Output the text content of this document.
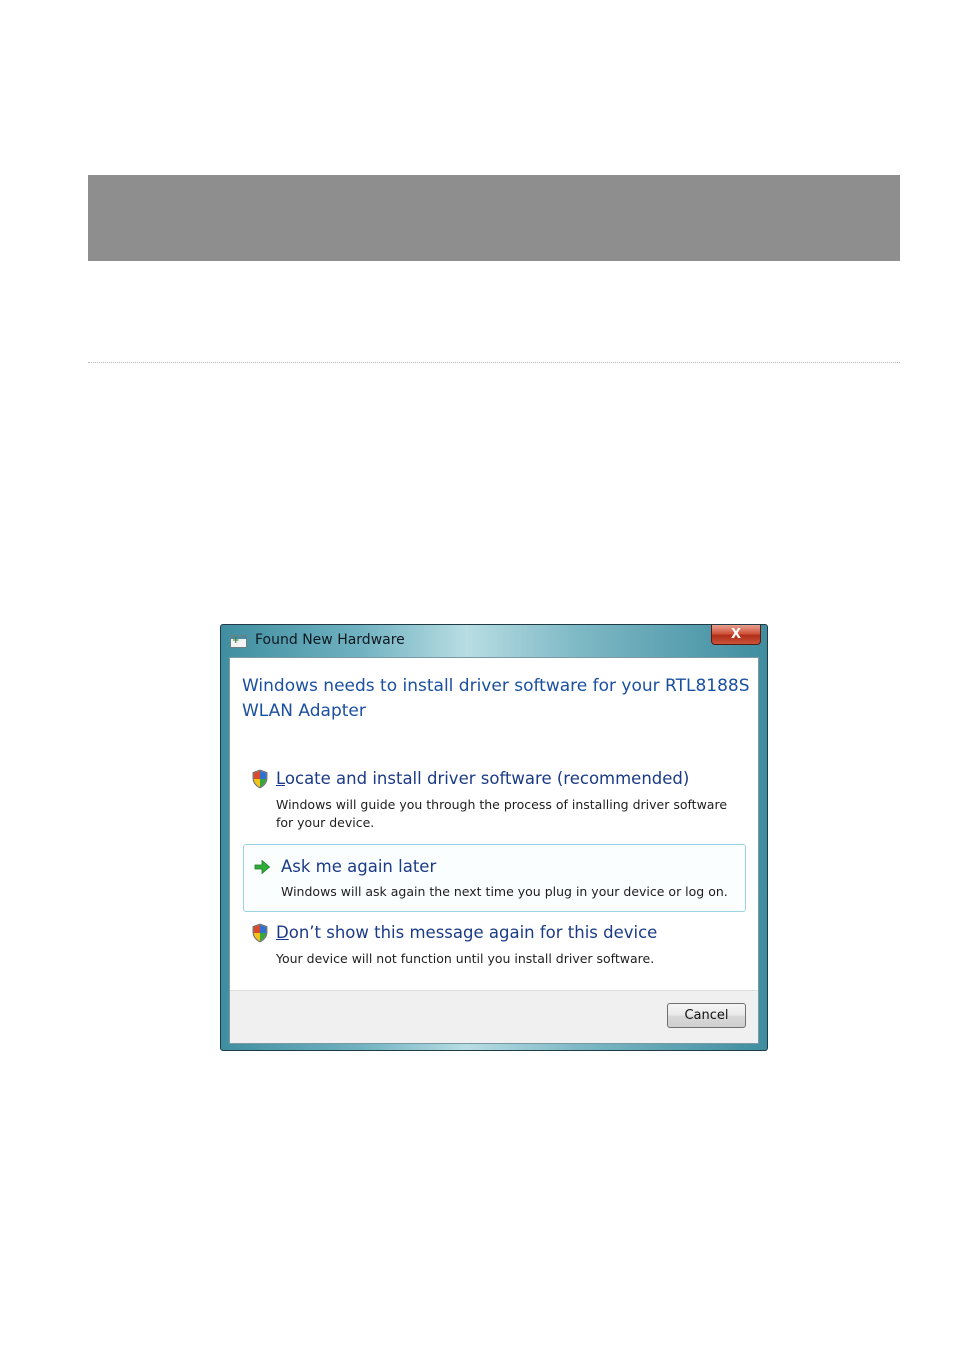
+
Found New Hardware	X
Windows needs to install driver software for your RTL8188S WLAN Adapter
Locate and install driver software (recommended)
Windows will guide you through the process of installing driver software for your device.
Ask me again later
Windows will ask again the next time you plug in your device or log on.
Don’t show this message again for this device
Your device will not function until you install driver software.
Cancel
